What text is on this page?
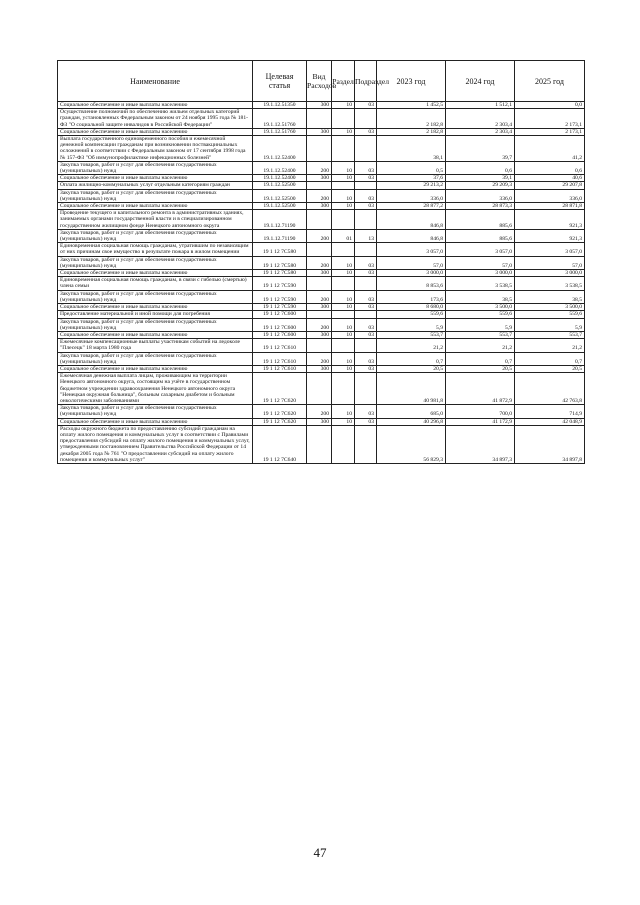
Наименование	Целевая статья	Вид Расходов	Раздел	Подраздел	2023 год	2024 год	2025 год
Социальное обеспечение и иные выплаты населению	19.1.12.51350	300	10	03	1 452,5	1 512,1	0,0
Осуществление полномочий по обеспечению жильем отдельных категорий граждан, установленных Федеральным законом от 24 ноября 1995 года № 181-ФЗ "О социальной защите инвалидов в Российской Федерации"	19.1.12.51760				2 182,8	2 303,4	2 173,1
Социальное обеспечение и иные выплаты населению	19.1.12.51760	300	10	03	2 182,8	2 303,4	2 173,1
Выплата государственного единовременного пособия и ежемесячной денежной компенсации гражданам при возникновении поствакцинальных осложнений в соответствии с Федеральным законом от 17 сентября 1998 года № 157-ФЗ "Об иммунопрофилактике инфекционных болезней"	19.1.12.52400				38,1	39,7	41,2
Закупка товаров, работ и услуг для обеспечения государственных (муниципальных) нужд	19.1.12.52400	200	10	03	0,5	0,6	0,6
Социальное обеспечение и иные выплаты населению	19.1.12.52400	300	10	03	37,6	39,1	40,6
Оплата жилищно-коммунальных услуг отдельным категориям граждан	19.1.12.52500				29 213,2	29 209,3	29 207,8
Закупка товаров, работ и услуг для обеспечения государственных (муниципальных) нужд	19.1.12.52500	200	10	03	336,0	336,0	336,0
Социальное обеспечение и иные выплаты населению	19.1.12.52500	300	10	03	28 877,2	28 873,3	28 871,8
Проведение текущего и капитального ремонта в административных зданиях, занимаемых органами государственной власти и в специализированном государственном жилищном фонде Ненецкого автономного округа	19.1.12.71190				846,8	885,6	921,3
Закупка товаров, работ и услуг для обеспечения государственных (муниципальных) нужд	19.1.12.71190	200	01	13	846,8	885,6	921,3
Единовременная социальная помощь гражданам, утратившим по независящим от них причинам свое имущество в результате пожара в жилом помещении	19 1 12 7С580				3 057,0	3 057,0	3 057,0
Закупка товаров, работ и услуг для обеспечения государственных (муниципальных) нужд	19 1 12 7С580	200	10	03	57,0	57,0	57,0
Социальное обеспечение и иные выплаты населению	19 1 12 7С580	300	10	03	3 000,0	3 000,0	3 000,0
Единовременная социальная помощь гражданам, в связи с гибелью (смертью) члена семьи	19 1 12 7С590				8 853,6	3 538,5	3 538,5
Закупка товаров, работ и услуг для обеспечения государственных (муниципальных) нужд	19 1 12 7С590	200	10	03	173,6	38,5	38,5
Социальное обеспечение и иные выплаты населению	19 1 12 7С590	300	10	03	8 680,0	3 500,0	3 500,0
Предоставление материальной и иной помощи для погребения	19 1 12 7С600				559,6	559,6	559,6
Закупка товаров, работ и услуг для обеспечения государственных (муниципальных) нужд	19 1 12 7С600	200	10	03	5,9	5,9	5,9
Социальное обеспечение и иные выплаты населению	19 1 12 7С600	300	10	03	553,7	553,7	553,7
Ежемесячные компенсационные выплаты участникам событий на ледоколе "Плесецк" 18 марта 1980 года	19 1 12 7С610				21,2	21,2	21,2
Закупка товаров, работ и услуг для обеспечения государственных (муниципальных) нужд	19 1 12 7С610	200	10	03	0,7	0,7	0,7
Социальное обеспечение и иные выплаты населению	19 1 12 7С610	300	10	03	20,5	20,5	20,5
Ежемесячная денежная выплата лицам, проживающим на территории Ненецкого автономного округа, состоящим на учёте в государственном бюджетном учреждении здравоохранения Ненецкого автономного округа "Ненецкая окружная больница", больным сахарным диабетом и больным онкологическими заболеваниями	19 1 12 7С620				40 981,8	41 872,9	42 763,8
Закупка товаров, работ и услуг для обеспечения государственных (муниципальных) нужд	19 1 12 7С620	200	10	03	685,0	700,0	714,9
Социальное обеспечение и иные выплаты населению	19 1 12 7С620	300	10	03	40 296,8	41 172,9	42 048,9
Расходы окружного бюджета по предоставлению субсидий гражданам на оплату жилого помещения и коммунальных услуг в соответствии с Правилами предоставления субсидий на оплату жилого помещения и коммунальных услуг, утвержденными постановлением Правительства Российской Федерации от 14 декабря 2005 года № 761 "О предоставлении субсидий на оплату жилого помещения и коммунальных услуг"	19 1 12 7С640				56 829,3	34 897,3	34 897,8
47
